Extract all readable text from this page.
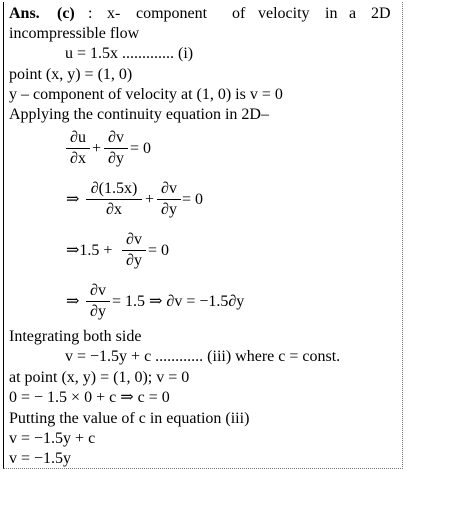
Ans. (c) : x- component of velocity in a 2D
incompressible flow
u = 1.5x ............. (i)
point (x, y) = (1, 0)
y – component of velocity at (1, 0) is v = 0
Applying the continuity equation in 2D–
∂u
∂x
+
∂v
∂y
= 0
⇒
∂(1.5x)
∂x
+
∂v
∂y
= 0
⇒1.5 +
∂v
∂y
= 0
⇒
∂v
∂y
= 1.5 ⇒ ∂v = −1.5∂y
Integrating both side
v = −1.5y + c ............ (iii) where c = const.
at point (x, y) = (1, 0); v = 0
0 = − 1.5 × 0 + c ⇒ c = 0
Putting the value of c in equation (iii)
v = −1.5y + c
v = −1.5y
